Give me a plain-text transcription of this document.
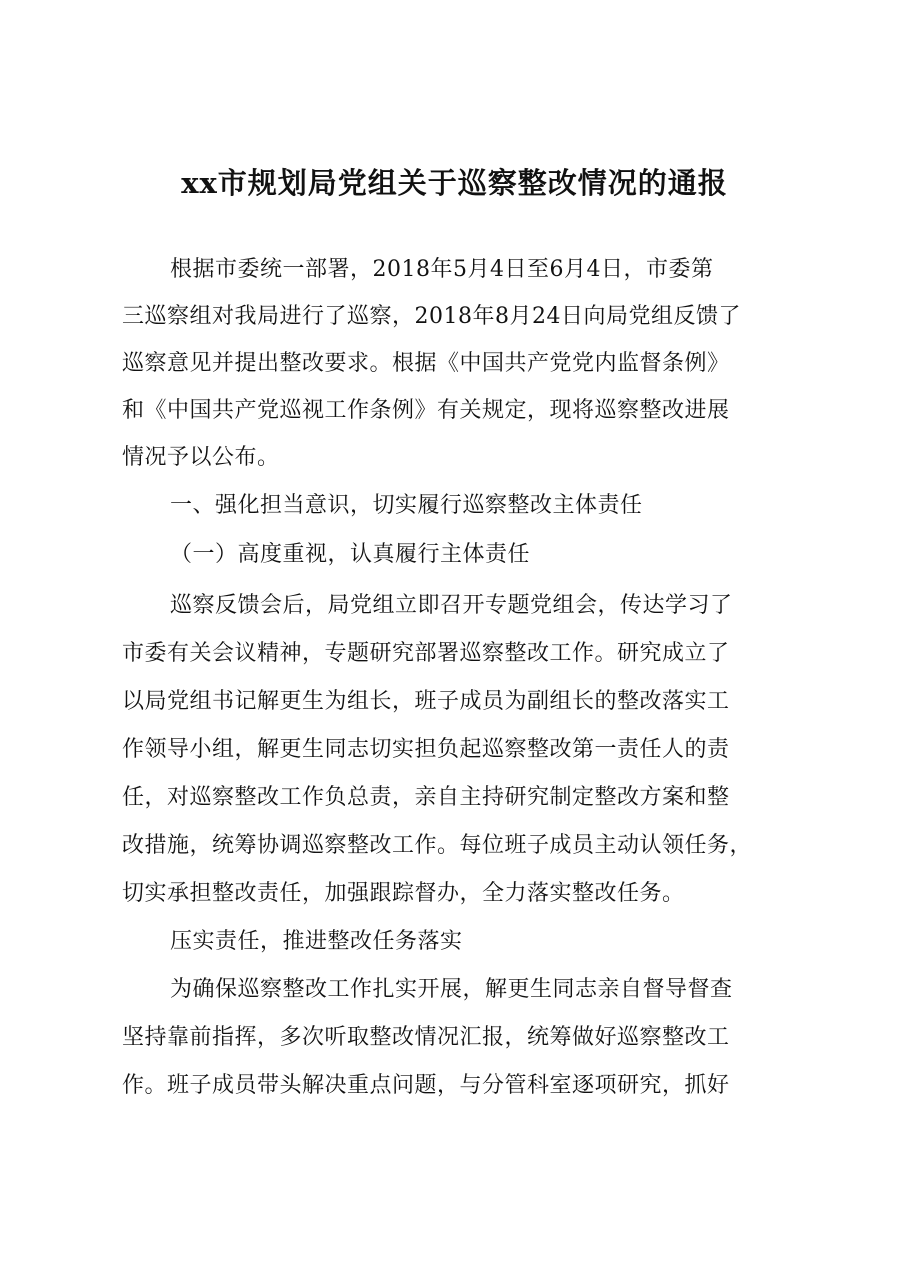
xx市规划局党组关于巡察整改情况的通报
根据市委统一部署，2018年5月4日至6月4日，市委第
三巡察组对我局进行了巡察，2018年8月24日向局党组反馈了
巡察意见并提出整改要求。根据《中国共产党党内监督条例》
和《中国共产党巡视工作条例》有关规定，现将巡察整改进展
情况予以公布。
一、强化担当意识，切实履行巡察整改主体责任
（一）高度重视，认真履行主体责任
巡察反馈会后，局党组立即召开专题党组会，传达学习了
市委有关会议精神，专题研究部署巡察整改工作。研究成立了
以局党组书记解更生为组长，班子成员为副组长的整改落实工
作领导小组，解更生同志切实担负起巡察整改第一责任人的责
任，对巡察整改工作负总责，亲自主持研究制定整改方案和整
改措施，统筹协调巡察整改工作。每位班子成员主动认领任务，
切实承担整改责任，加强跟踪督办，全力落实整改任务。
压实责任，推进整改任务落实
为确保巡察整改工作扎实开展，解更生同志亲自督导督查
坚持靠前指挥，多次听取整改情况汇报，统筹做好巡察整改工
作。班子成员带头解决重点问题，与分管科室逐项研究，抓好
